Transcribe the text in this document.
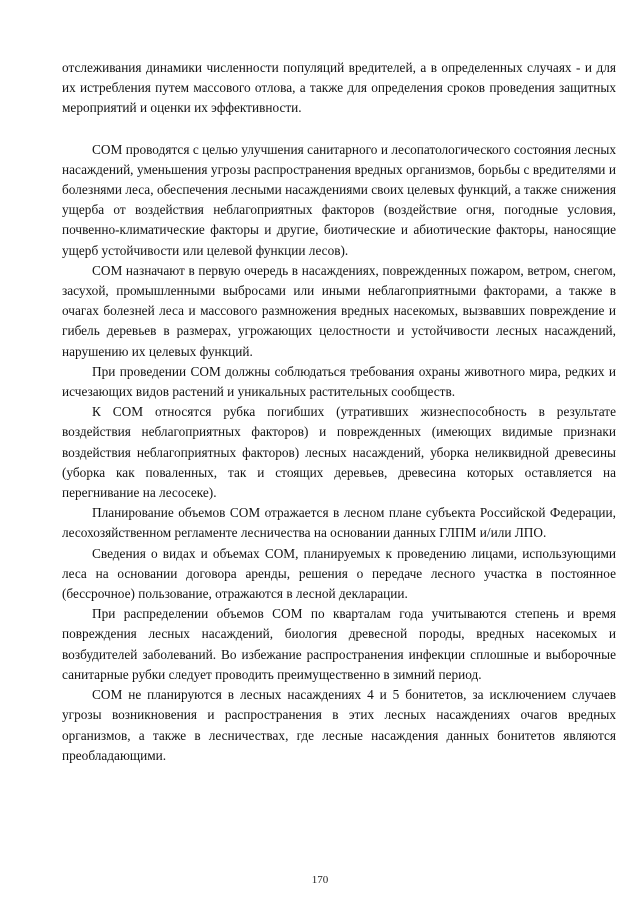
отслеживания динамики численности популяций вредителей, а в определенных случаях - и для их истребления путем массового отлова, а также для определения сроков проведения защитных мероприятий и оценки их эффективности.

СОМ проводятся с целью улучшения санитарного и лесопатологического состояния лесных насаждений, уменьшения угрозы распространения вредных организмов, борьбы с вредителями и болезнями леса, обеспечения лесными насаждениями своих целевых функций, а также снижения ущерба от воздействия неблагоприятных факторов (воздействие огня, погодные условия, почвенно-климатические факторы и другие, биотические и абиотические факторы, наносящие ущерб устойчивости или целевой функции лесов).

СОМ назначают в первую очередь в насаждениях, поврежденных пожаром, ветром, снегом, засухой, промышленными выбросами или иными неблагоприятными факторами, а также в очагах болезней леса и массового размножения вредных насекомых, вызвавших повреждение и гибель деревьев в размерах, угрожающих целостности и устойчивости лесных насаждений, нарушению их целевых функций.

При проведении СОМ должны соблюдаться требования охраны животного мира, редких и исчезающих видов растений и уникальных растительных сообществ.

К СОМ относятся рубка погибших (утративших жизнеспособность в результате воздействия неблагоприятных факторов) и поврежденных (имеющих видимые признаки воздействия неблагоприятных факторов) лесных насаждений, уборка неликвидной древесины (уборка как поваленных, так и стоящих деревьев, древесина которых оставляется на перегнивание на лесосеке).

Планирование объемов СОМ отражается в лесном плане субъекта Российской Федерации, лесохозяйственном регламенте лесничества на основании данных ГЛПМ и/или ЛПО.

Сведения о видах и объемах СОМ, планируемых к проведению лицами, использующими леса на основании договора аренды, решения о передаче лесного участка в постоянное (бессрочное) пользование, отражаются в лесной декларации.

При распределении объемов СОМ по кварталам года учитываются степень и время повреждения лесных насаждений, биология древесной породы, вредных насекомых и возбудителей заболеваний. Во избежание распространения инфекции сплошные и выборочные санитарные рубки следует проводить преимущественно в зимний период.

СОМ не планируются в лесных насаждениях 4 и 5 бонитетов, за исключением случаев угрозы возникновения и распространения в этих лесных насаждениях очагов вредных организмов, а также в лесничествах, где лесные насаждения данных бонитетов являются преобладающими.

170
